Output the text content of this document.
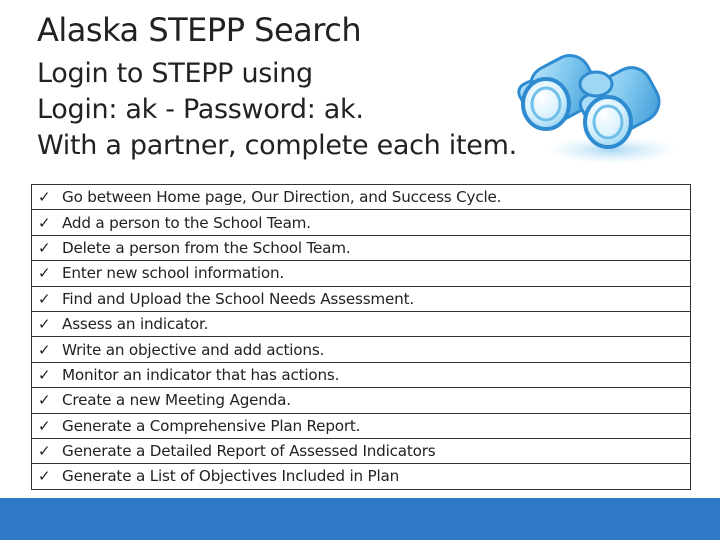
Alaska STEPP Search
Login to STEPP using
Login: ak - Password: ak.
With a partner, complete each item.
✓ Go between Home page, Our Direction, and Success Cycle.
✓ Add a person to the School Team.
✓ Delete a person from the School Team.
✓ Enter new school information.
✓ Find and Upload the School Needs Assessment.
✓ Assess an indicator.
✓ Write an objective and add actions.
✓ Monitor an indicator that has actions.
✓ Create a new Meeting Agenda.
✓ Generate a Comprehensive Plan Report.
✓ Generate a Detailed Report of Assessed Indicators
✓ Generate a List of Objectives Included in Plan
